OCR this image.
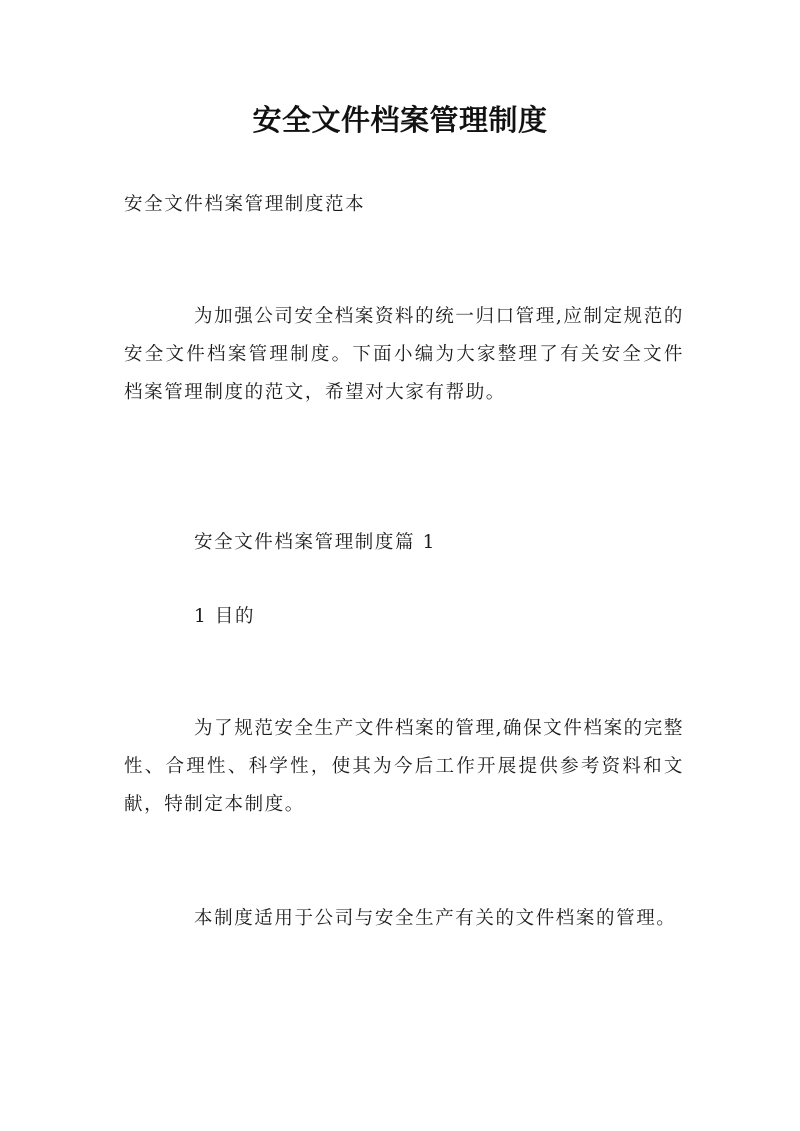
安全文件档案管理制度
安全文件档案管理制度范本
为加强公司安全档案资料的统一归口管理,应制定规范的安全文件档案管理制度。下面小编为大家整理了有关安全文件档案管理制度的范文，希望对大家有帮助。
安全文件档案管理制度篇 1
1 目的
为了规范安全生产文件档案的管理,确保文件档案的完整性、合理性、科学性，使其为今后工作开展提供参考资料和文献，特制定本制度。
本制度适用于公司与安全生产有关的文件档案的管理。
